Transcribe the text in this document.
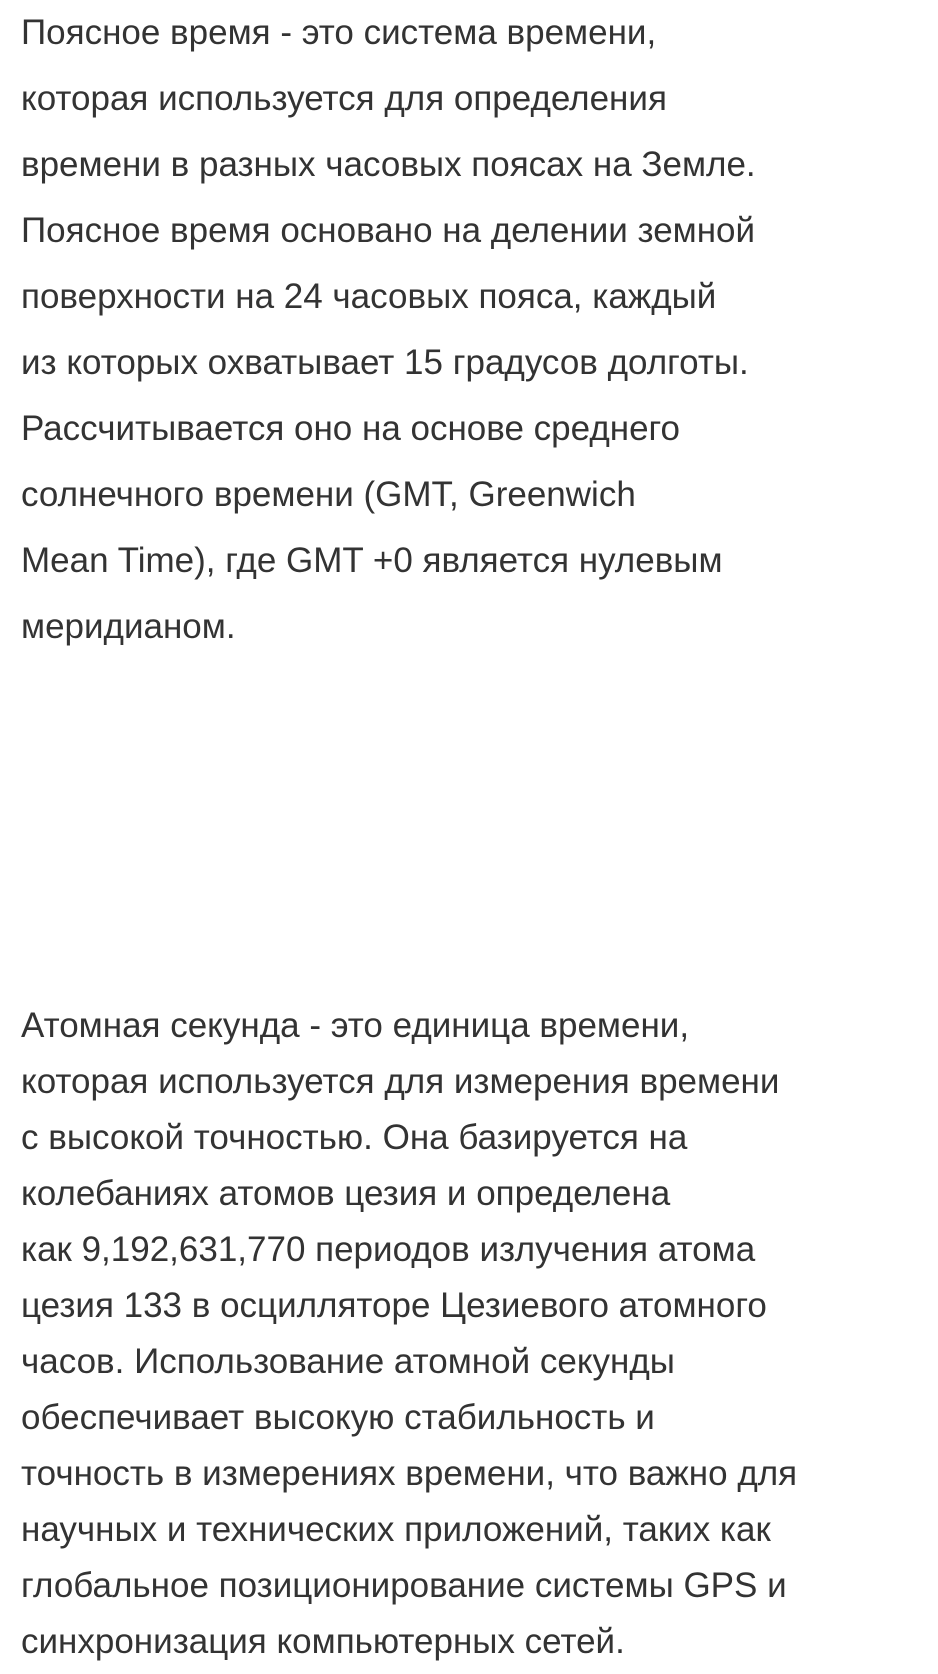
Поясное время - это система времени,
которая используется для определения
времени в разных часовых поясах на Земле.
Поясное время основано на делении земной
поверхности на 24 часовых пояса, каждый
из которых охватывает 15 градусов долготы.
Рассчитывается оно на основе среднего
солнечного времени (GMT, Greenwich
Mean Time), где GMT +0 является нулевым
меридианом.

Атомная секунда - это единица времени,
которая используется для измерения времени
с высокой точностью. Она базируется на
колебаниях атомов цезия и определена
как 9,192,631,770 периодов излучения атома
цезия 133 в осцилляторе Цезиевого атомного
часов. Использование атомной секунды
обеспечивает высокую стабильность и
точность в измерениях времени, что важно для
научных и технических приложений, таких как
глобальное позиционирование системы GPS и
синхронизация компьютерных сетей.
